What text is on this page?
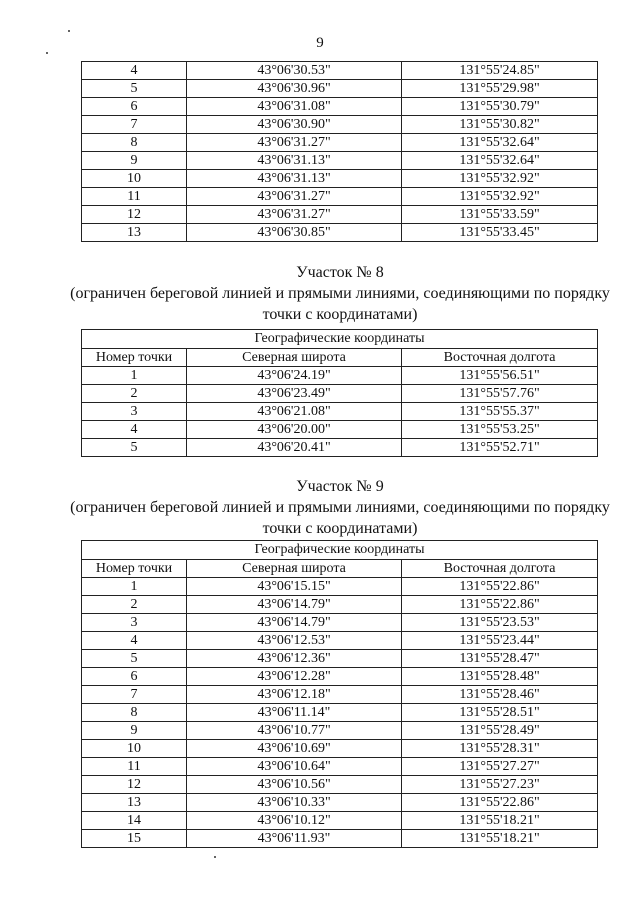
9
4	43°06'30.53"	131°55'24.85"
5	43°06'30.96"	131°55'29.98"
6	43°06'31.08"	131°55'30.79"
7	43°06'30.90"	131°55'30.82"
8	43°06'31.27"	131°55'32.64"
9	43°06'31.13"	131°55'32.64"
10	43°06'31.13"	131°55'32.92"
11	43°06'31.27"	131°55'32.92"
12	43°06'31.27"	131°55'33.59"
13	43°06'30.85"	131°55'33.45"
Участок № 8
(ограничен береговой линией и прямыми линиями, соединяющими по порядку
точки с координатами)
Географические координаты		
Номер точки	Северная широта	Восточная долгота
1	43°06'24.19"	131°55'56.51"
2	43°06'23.49"	131°55'57.76"
3	43°06'21.08"	131°55'55.37"
4	43°06'20.00"	131°55'53.25"
5	43°06'20.41"	131°55'52.71"
Участок № 9
(ограничен береговой линией и прямыми линиями, соединяющими по порядку
точки с координатами)
Географические координаты		
Номер точки	Северная широта	Восточная долгота
1	43°06'15.15"	131°55'22.86"
2	43°06'14.79"	131°55'22.86"
3	43°06'14.79"	131°55'23.53"
4	43°06'12.53"	131°55'23.44"
5	43°06'12.36"	131°55'28.47"
6	43°06'12.28"	131°55'28.48"
7	43°06'12.18"	131°55'28.46"
8	43°06'11.14"	131°55'28.51"
9	43°06'10.77"	131°55'28.49"
10	43°06'10.69"	131°55'28.31"
11	43°06'10.64"	131°55'27.27"
12	43°06'10.56"	131°55'27.23"
13	43°06'10.33"	131°55'22.86"
14	43°06'10.12"	131°55'18.21"
15	43°06'11.93"	131°55'18.21"
